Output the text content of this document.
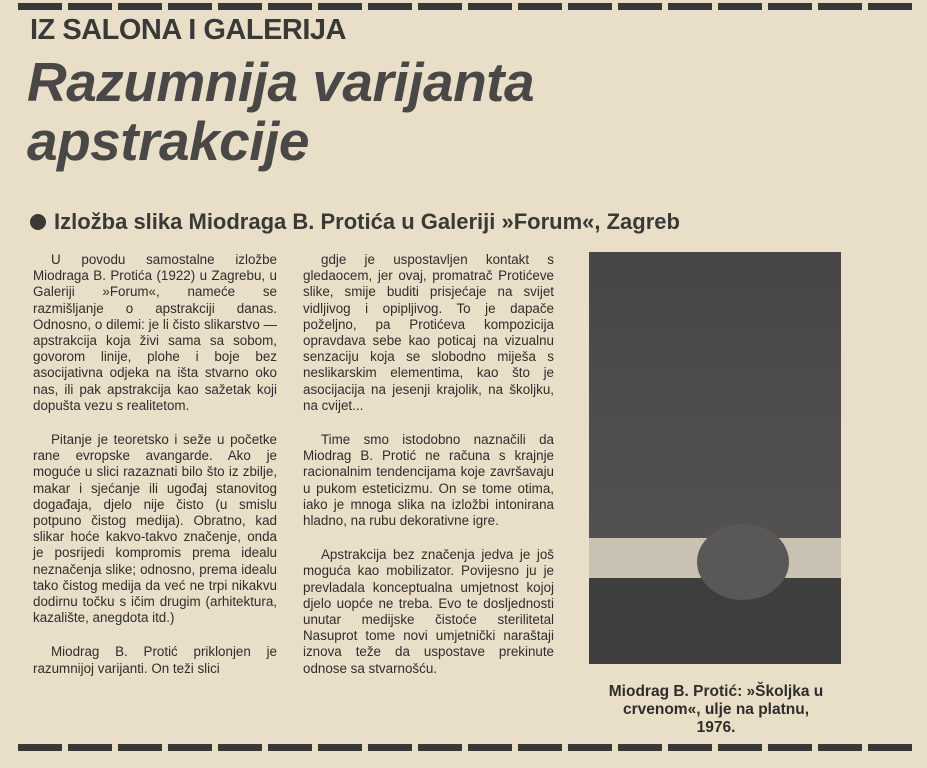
IZ SALONA I GALERIJA
Razumnija varijanta
apstrakcije
Izložba slika Miodraga B. Protića u Galeriji »Forum«, Zagreb

U povodu samostalne izložbe Miodraga B. Protića (1922) u Zagrebu, u Galeriji »Forum«, nameće se razmišljanje o apstrakciji danas. Odnosno, o dilemi: je li čisto slikarstvo — apstrakcija koja živi sama sa sobom, govorom linije, plohe i boje bez asocijativna odjeka na išta stvarno oko nas, ili pak apstrakcija kao sažetak koji dopušta vezu s realitetom.

Pitanje je teoretsko i seže u početke rane evropske avangarde. Ako je moguće u slici razaznati bilo što iz zbilje, makar i sjećanje ili ugođaj stanovitog događaja, djelo nije čisto (u smislu potpuno čistog medija). Obratno, kad slikar hoće kakvo-takvo značenje, onda je posrijedi kompromis prema idealu neznačenja slike; odnosno, prema idealu tako čistog medija da već ne trpi nikakvu dodirnu točku s ičim drugim (arhitektura, kazalište, anegdota itd.)

Miodrag B. Protić priklonjen je razumnijoj varijanti. On teži slici

gdje je uspostavljen kontakt s gledaocem, jer ovaj, promatrač Protićeve slike, smije buditi prisjećaje na svijet vidljivog i opipljivog. To je dapače poželjno, pa Protićeva kompozicija opravdava sebe kao poticaj na vizualnu senzaciju koja se slobodno miješa s neslikarskim elementima, kao što je asocijacija na jesenji krajolik, na školjku, na cvijet...

Time smo istodobno naznačili da Miodrag B. Protić ne računa s krajnje racionalnim tendencijama koje završavaju u pukom esteticizmu. On se tome otima, iako je mnoga slika na izložbi intonirana hladno, na rubu dekorativne igre.

Apstrakcija bez značenja jedva je još moguća kao mobilizator. Povijesno ju je prevladala konceptualna umjetnost kojoj djelo uopće ne treba. Evo te dosljednosti unutar medijske čistoće sterilitetal Nasuprot tome novi umjetnički naraštaji iznova teže da uspostave prekinute odnose sa stvarnošću.

Miodrag B. Protić: »Školjka u
crvenom«, ulje na platnu,
1976.
